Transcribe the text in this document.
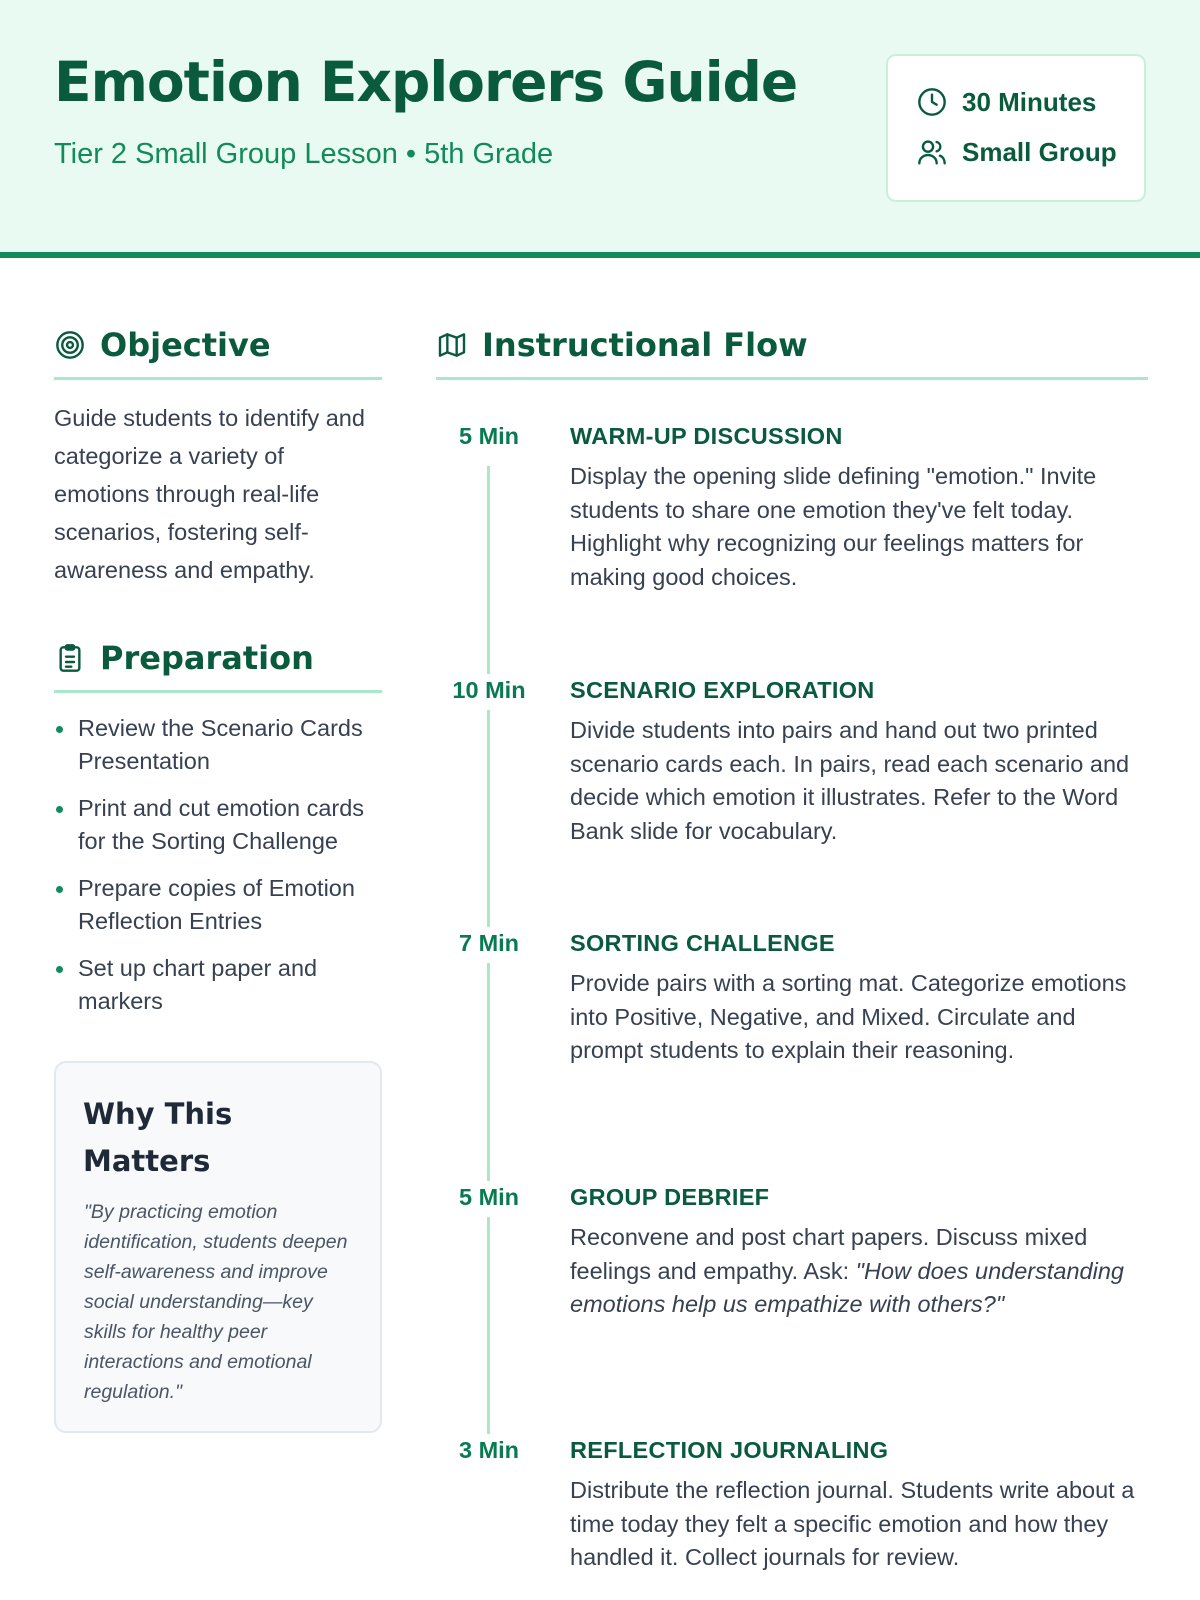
Emotion Explorers Guide
Tier 2 Small Group Lesson • 5th Grade
30 Minutes
Small Group
Objective

Guide students to identify and categorize a variety of emotions through real-life scenarios, fostering self-awareness and empathy.

Preparation
Review the Scenario Cards Presentation
Print and cut emotion cards for the Sorting Challenge
Prepare copies of Emotion Reflection Entries
Set up chart paper and markers
Why This Matters

"By practicing emotion identification, students deepen self-awareness and improve social understanding—key skills for healthy peer interactions and emotional regulation."

Instructional Flow
5 Min	WARM-UP DISCUSSION

Display the opening slide defining "emotion." Invite students to share one emotion they've felt today. Highlight why recognizing our feelings matters for making good choices.

10 Min	SCENARIO EXPLORATION

Divide students into pairs and hand out two printed scenario cards each. In pairs, read each scenario and decide which emotion it illustrates. Refer to the Word Bank slide for vocabulary.

7 Min	SORTING CHALLENGE

Provide pairs with a sorting mat. Categorize emotions into Positive, Negative, and Mixed. Circulate and prompt students to explain their reasoning.

5 Min	GROUP DEBRIEF

Reconvene and post chart papers. Discuss mixed feelings and empathy. Ask: "How does understanding emotions help us empathize with others?"

3 Min	REFLECTION JOURNALING

Distribute the reflection journal. Students write about a time today they felt a specific emotion and how they handled it. Collect journals for review.
